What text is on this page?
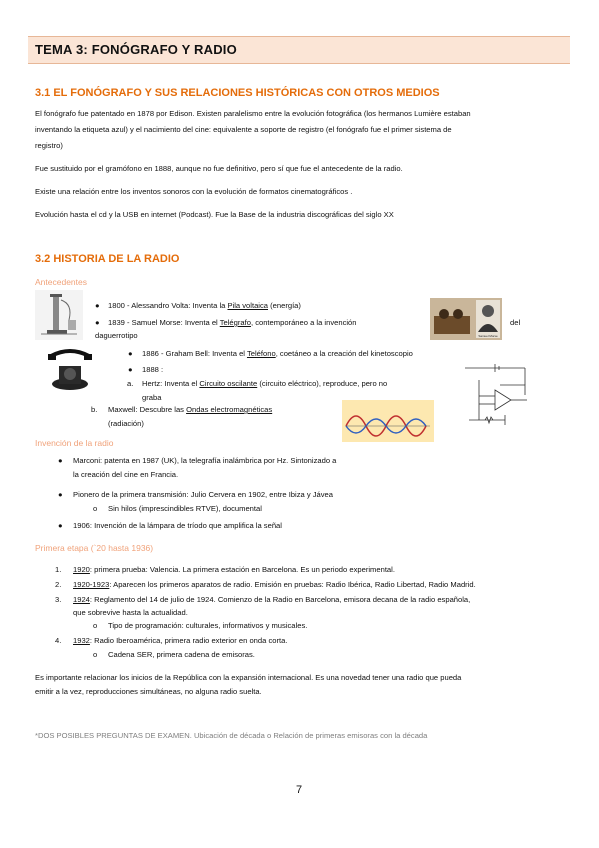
TEMA 3: FONÓGRAFO Y RADIO
3.1 EL FONÓGRAFO Y SUS RELACIONES HISTÓRICAS CON OTROS MEDIOS
El fonógrafo fue patentado en 1878 por Edison. Existen paralelismo entre la evolución fotográfica (los hermanos Lumière estaban
inventando la etiqueta azul) y el nacimiento del cine: equivalente a soporte de registro (el fonógrafo fue el primer sistema de
registro)
Fue sustituido por el gramófono en 1888, aunque no fue definitivo, pero sí que fue el antecedente de la radio.
Existe una relación entre los inventos sonoros con la evolución de formatos cinematográficos .
Evolución hasta el cd y la USB en internet (Podcast). Fue la Base de la industria discográficas del siglo XX
3.2 HISTORIA DE LA RADIO
Antecedentes
● 1800 - Alessandro Volta: Inventa la Pila voltaica (energía)
● 1839 - Samuel Morse: Inventa el Telégrafo, contemporáneo a la invención	del
daguerrotipo	Samuel Morse
● 1886 - Graham Bell: Inventa el Teléfono, coetáneo a la creación del kinetoscopio
● 1888 :
a. Hertz: Inventa el Circuito oscilante (circuito eléctrico), reproduce, pero no
graba
b. Maxwell: Descubre las Ondas electromagnéticas
(radiación)
Invención de la radio
● Marconi: patenta en 1987 (UK), la telegrafía inalámbrica por Hz. Sintonizado a
la creación del cine en Francia.
● Pionero de la primera transmisión: Julio Cervera en 1902, entre Ibiza y Jávea
o Sin hilos (imprescindibles RTVE), documental
● 1906: Invención de la lámpara de tríodo que amplifica la señal
Primera etapa (`20 hasta 1936)
1. 1920: primera prueba: Valencia. La primera estación en Barcelona. Es un periodo experimental.
2. 1920-1923: Aparecen los primeros aparatos de radio. Emisión en pruebas: Radio Ibérica, Radio Libertad, Radio Madrid.
3. 1924: Reglamento del 14 de julio de 1924. Comienzo de la Radio en Barcelona, emisora decana de la radio española,
que sobrevive hasta la actualidad.
o Tipo de programación: culturales, informativos y musicales.
4. 1932: Radio Iberoamérica, primera radio exterior en onda corta.
o Cadena SER, primera cadena de emisoras.
Es importante relacionar los inicios de la República con la expansión internacional. Es una novedad tener una radio que pueda
emitir a la vez, reproducciones simultáneas, no alguna radio suelta.
*DOS POSIBLES PREGUNTAS DE EXAMEN. Ubicación de década o Relación de primeras emisoras con la década
7
